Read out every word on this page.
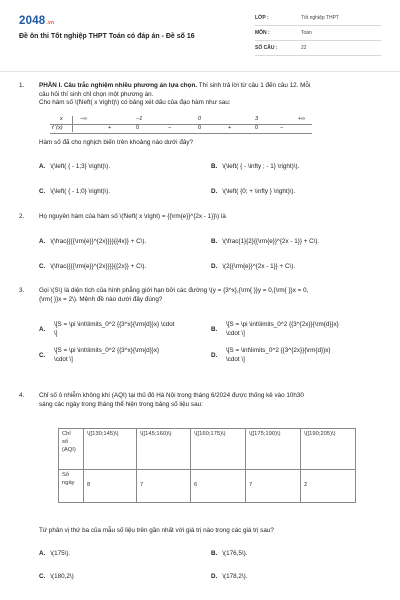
2048.vn
Đề ôn thi Tốt nghiệp THPT Toán có đáp án - Đề số 16
LỚP :	Tốt nghiệp THPT
MÔN :	Toán
SỐ CÂU :	22
1. PHẦN I. Câu trắc nghiệm nhiều phương án lựa chọn. Thí sinh trả lời từ câu 1 đến câu 12. Mỗi

câu hỏi thí sinh chỉ chọn một phương án.

Cho hàm số \(f\left( x \right)\) có bảng xét dấu của đạo hàm như sau:

x	−∞	−1	0	3	+∞
f '(x)	+	0	−	0	+	0	−

Hàm số đã cho nghịch biến trên khoảng nào dưới đây?

A. \(\left( { - 1;3} \right)\).	B. \(\left( { - \infty ; - 1} \right)\).
C. \(\left( { - 1;0} \right)\).	D. \(\left( {0; + \infty } \right)\).
2. Họ nguyên hàm của hàm số \(f\left( x \right) = {{\rm{e}}^{2x - 1}}\) là
A. \(\frac{{{{\rm{e}}^{2x}}}}{{4x}} + C\).	B. \(\frac{1}{2}{{\rm{e}}^{2x - 1}} + C\).
C. \(\frac{{{{\rm{e}}^{2x}}}}{{2x}} + C\).	D. \(2{{\rm{e}}^{2x - 1}} + C\).
3. Gọi \(S\) là diện tích của hình phẳng giới hạn bởi các đường \(y = {3^x},{\rm{ }}y = 0,{\rm{ }}x = 0,

{\rm{ }}x = 2\). Mệnh đề nào dưới đây đúng?

A.
\[S = \pi \int\limits_0^2 {{3^x}{\rm{d}}x} \cdot
\]	B.
\[S = \pi \int\limits_0^2 {{3^{2x}}{\rm{d}}x}
\cdot \]
C.
\[S = \pi \int\limits_0^2 {{3^x}{\rm{d}}x}
\cdot \]	D.
\[S = \int\limits_0^2 {{3^{2x}}{\rm{d}}x}
\cdot \]
4. Chỉ số ô nhiễm không khí (AQI) tại thủ đô Hà Nội trong tháng 6/2024 được thống kê vào 10h30

sáng các ngày trong tháng thể hiện trong bảng số liệu sau:

Chỉ
số
(AQI)	\([130;145)\)	\([145;160)\)	\([160;175)\)	\([175;190)\)	\([190;205)\)

Số
ngày	8	7	6	7	2
Tứ phân vị thứ ba của mẫu số liệu trên gần nhất với giá trị nào trong các giá trị sau?
A. \(175\).	B. \(176,5\).
C. \(180,2\)	D. \(178,2\).
